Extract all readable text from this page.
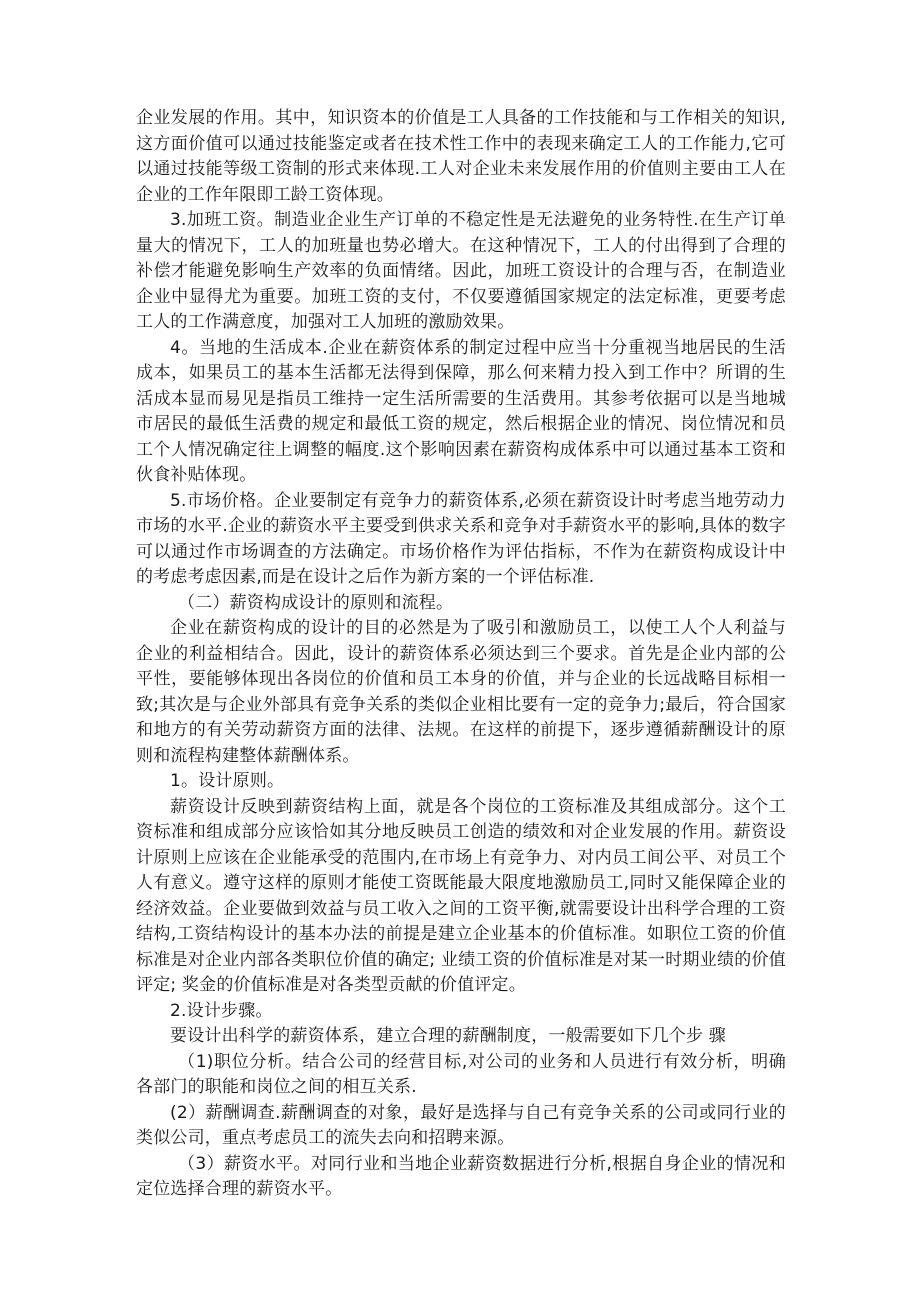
企业发展的作用。其中，知识资本的价值是工人具备的工作技能和与工作相关的知识,这方面价值可以通过技能鉴定或者在技术性工作中的表现来确定工人的工作能力,它可以通过技能等级工资制的形式来体现.工人对企业未来发展作用的价值则主要由工人在企业的工作年限即工龄工资体现。

3.加班工资。制造业企业生产订单的不稳定性是无法避免的业务特性.在生产订单量大的情况下，工人的加班量也势必增大。在这种情况下，工人的付出得到了合理的补偿才能避免影响生产效率的负面情绪。因此，加班工资设计的合理与否，在制造业企业中显得尤为重要。加班工资的支付，不仅要遵循国家规定的法定标准，更要考虑工人的工作满意度，加强对工人加班的激励效果。

4。当地的生活成本.企业在薪资体系的制定过程中应当十分重视当地居民的生活成本，如果员工的基本生活都无法得到保障，那么何来精力投入到工作中？所谓的生活成本显而易见是指员工维持一定生活所需要的生活费用。其参考依据可以是当地城市居民的最低生活费的规定和最低工资的规定，然后根据企业的情况、岗位情况和员工个人情况确定往上调整的幅度.这个影响因素在薪资构成体系中可以通过基本工资和伙食补贴体现。

5.市场价格。企业要制定有竞争力的薪资体系,必须在薪资设计时考虑当地劳动力市场的水平.企业的薪资水平主要受到供求关系和竞争对手薪资水平的影响,具体的数字可以通过作市场调查的方法确定。市场价格作为评估指标，不作为在薪资构成设计中的考虑考虑因素,而是在设计之后作为新方案的一个评估标准.

（二）薪资构成设计的原则和流程。

企业在薪资构成的设计的目的必然是为了吸引和激励员工，以使工人个人利益与企业的利益相结合。因此，设计的薪资体系必须达到三个要求。首先是企业内部的公平性，要能够体现出各岗位的价值和员工本身的价值，并与企业的长远战略目标相一致;其次是与企业外部具有竞争关系的类似企业相比要有一定的竞争力;最后，符合国家和地方的有关劳动薪资方面的法律、法规。在这样的前提下，逐步遵循薪酬设计的原则和流程构建整体薪酬体系。

1。设计原则。

薪资设计反映到薪资结构上面，就是各个岗位的工资标准及其组成部分。这个工资标准和组成部分应该恰如其分地反映员工创造的绩效和对企业发展的作用。薪资设计原则上应该在企业能承受的范围内,在市场上有竞争力、对内员工间公平、对员工个人有意义。遵守这样的原则才能使工资既能最大限度地激励员工,同时又能保障企业的经济效益。企业要做到效益与员工收入之间的工资平衡,就需要设计出科学合理的工资结构,工资结构设计的基本办法的前提是建立企业基本的价值标准。如职位工资的价值标准是对企业内部各类职位价值的确定; 业绩工资的价值标准是对某一时期业绩的价值评定; 奖金的价值标准是对各类型贡献的价值评定。

2.设计步骤。

要设计出科学的薪资体系，建立合理的薪酬制度，一般需要如下几个步 骤

（1)职位分析。结合公司的经营目标,对公司的业务和人员进行有效分析，明确各部门的职能和岗位之间的相互关系.

(2）薪酬调查.薪酬调查的对象，最好是选择与自己有竞争关系的公司或同行业的类似公司，重点考虑员工的流失去向和招聘来源。

（3）薪资水平。对同行业和当地企业薪资数据进行分析,根据自身企业的情况和定位选择合理的薪资水平。
